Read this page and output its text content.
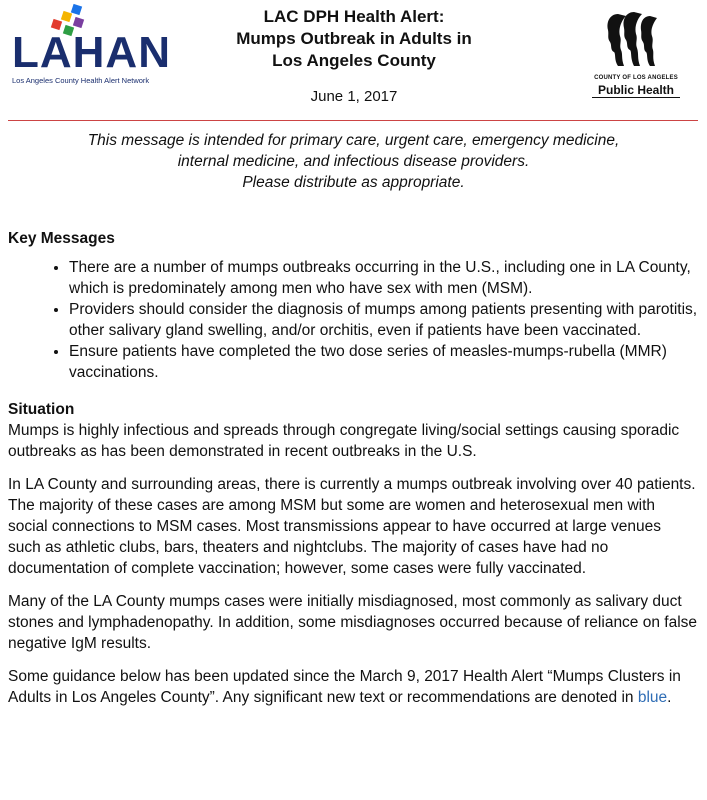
LAHAN
Los Angeles County Health Alert Network
LAC DPH Health Alert:
Mumps Outbreak in Adults in
Los Angeles County
June 1, 2017
COUNTY OF LOS ANGELES
Public Health
This message is intended for primary care, urgent care, emergency medicine,
internal medicine, and infectious disease providers.
Please distribute as appropriate.
Key Messages
• There are a number of mumps outbreaks occurring in the U.S., including one in LA County, which is predominately among men who have sex with men (MSM).
• Providers should consider the diagnosis of mumps among patients presenting with parotitis, other salivary gland swelling, and/or orchitis, even if patients have been vaccinated.
• Ensure patients have completed the two dose series of measles-mumps-rubella (MMR) vaccinations.
Situation

Mumps is highly infectious and spreads through congregate living/social settings causing sporadic outbreaks as has been demonstrated in recent outbreaks in the U.S.

In LA County and surrounding areas, there is currently a mumps outbreak involving over 40 patients. The majority of these cases are among MSM but some are women and heterosexual men with social connections to MSM cases. Most transmissions appear to have occurred at large venues such as athletic clubs, bars, theaters and nightclubs. The majority of cases have had no documentation of complete vaccination; however, some cases were fully vaccinated.

Many of the LA County mumps cases were initially misdiagnosed, most commonly as salivary duct stones and lymphadenopathy. In addition, some misdiagnoses occurred because of reliance on false negative IgM results.

Some guidance below has been updated since the March 9, 2017 Health Alert “Mumps Clusters in Adults in Los Angeles County”. Any significant new text or recommendations are denoted in blue.
